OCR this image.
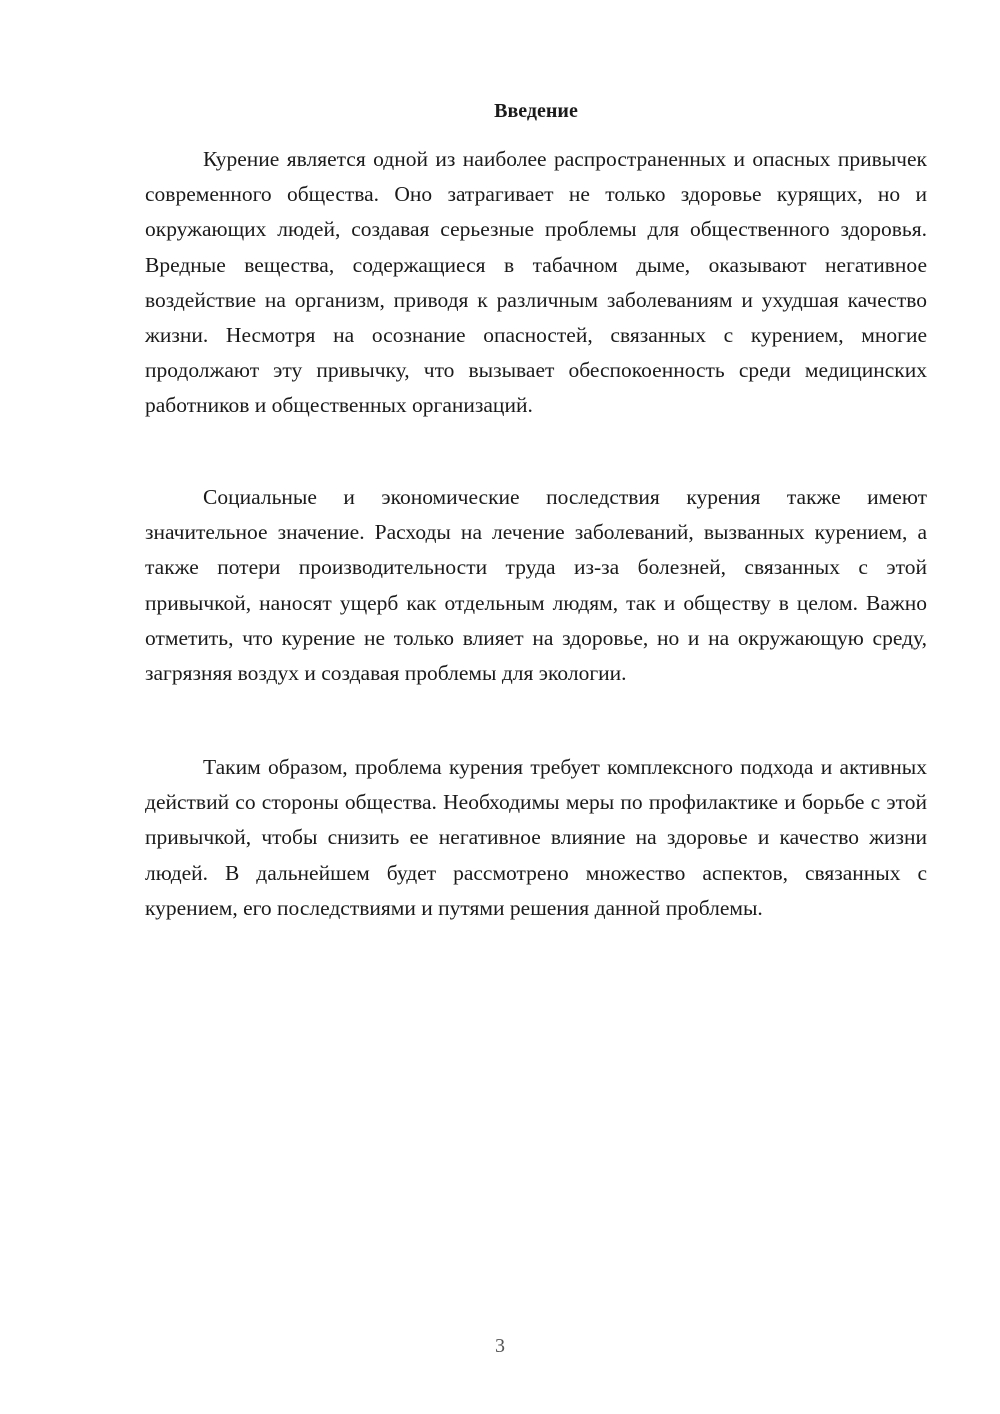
Введение

Курение является одной из наиболее распространенных и опасных привычек современного общества. Оно затрагивает не только здоровье курящих, но и окружающих людей, создавая серьезные проблемы для общественного здоровья. Вредные вещества, содержащиеся в табачном дыме, оказывают негативное воздействие на организм, приводя к различным заболеваниям и ухудшая качество жизни. Несмотря на осознание опасностей, связанных с курением, многие продолжают эту привычку, что вызывает обеспокоенность среди медицинских работников и общественных организаций.

Социальные и экономические последствия курения также имеют значительное значение. Расходы на лечение заболеваний, вызванных курением, а также потери производительности труда из-за болезней, связанных с этой привычкой, наносят ущерб как отдельным людям, так и обществу в целом. Важно отметить, что курение не только влияет на здоровье, но и на окружающую среду, загрязняя воздух и создавая проблемы для экологии.

Таким образом, проблема курения требует комплексного подхода и активных действий со стороны общества. Необходимы меры по профилактике и борьбе с этой привычкой, чтобы снизить ее негативное влияние на здоровье и качество жизни людей. В дальнейшем будет рассмотрено множество аспектов, связанных с курением, его последствиями и путями решения данной проблемы.

3
